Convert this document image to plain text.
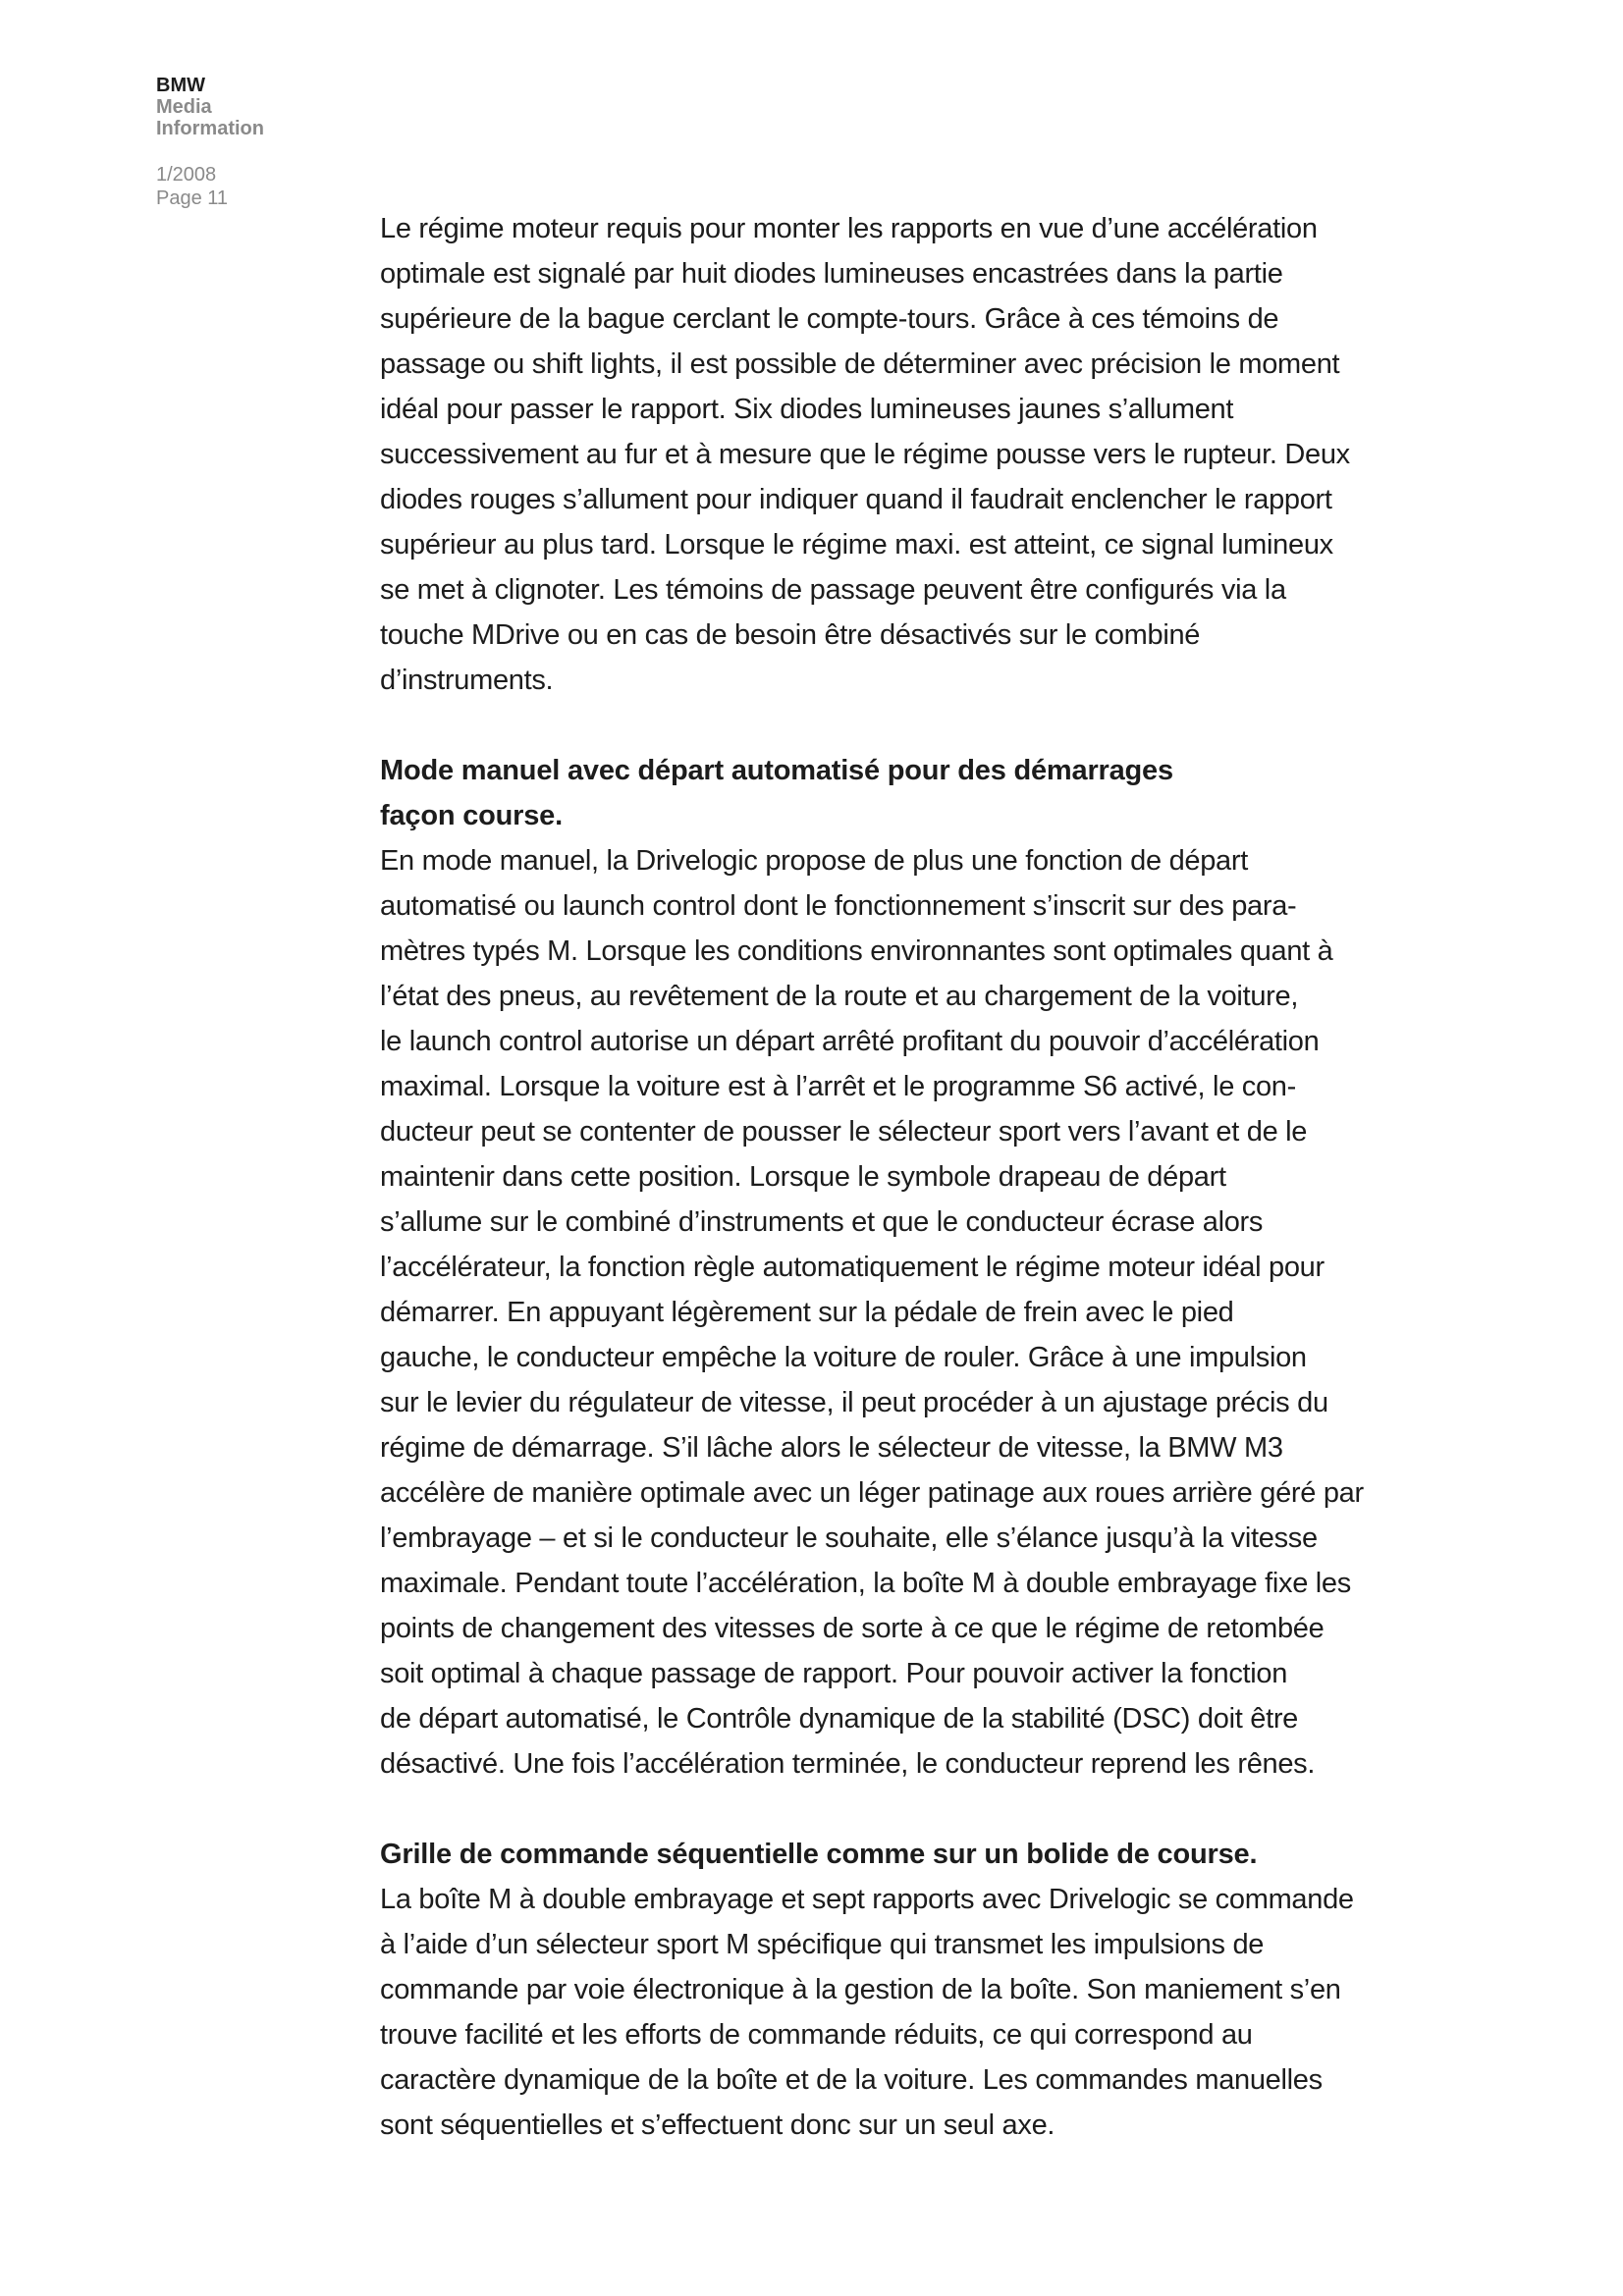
BMW
Media
Information
1/2008
Page 11

Le régime moteur requis pour monter les rapports en vue d’une accélération
optimale est signalé par huit diodes lumineuses encastrées dans la partie
supérieure de la bague cerclant le compte-tours. Grâce à ces témoins de
passage ou shift lights, il est possible de déterminer avec précision le moment
idéal pour passer le rapport. Six diodes lumineuses jaunes s’allument
successivement au fur et à mesure que le régime pousse vers le rupteur. Deux
diodes rouges s’allument pour indiquer quand il faudrait enclencher le rapport
supérieur au plus tard. Lorsque le régime maxi. est atteint, ce signal lumineux
se met à clignoter. Les témoins de passage peuvent être configurés via la
touche MDrive ou en cas de besoin être désactivés sur le combiné
d’instruments.

Mode manuel avec départ automatisé pour des démarrages
façon course.

En mode manuel, la Drivelogic propose de plus une fonction de départ
automatisé ou launch control dont le fonctionnement s’inscrit sur des para-
mètres typés M. Lorsque les conditions environnantes sont optimales quant à
l’état des pneus, au revêtement de la route et au chargement de la voiture,
le launch control autorise un départ arrêté profitant du pouvoir d’accélération
maximal. Lorsque la voiture est à l’arrêt et le programme S6 activé, le con-
ducteur peut se contenter de pousser le sélecteur sport vers l’avant et de le
maintenir dans cette position. Lorsque le symbole drapeau de départ
s’allume sur le combiné d’instruments et que le conducteur écrase alors
l’accélérateur, la fonction règle automatiquement le régime moteur idéal pour
démarrer. En appuyant légèrement sur la pédale de frein avec le pied
gauche, le conducteur empêche la voiture de rouler. Grâce à une impulsion
sur le levier du régulateur de vitesse, il peut procéder à un ajustage précis du
régime de démarrage. S’il lâche alors le sélecteur de vitesse, la BMW M3
accélère de manière optimale avec un léger patinage aux roues arrière géré par
l’embrayage – et si le conducteur le souhaite, elle s’élance jusqu’à la vitesse
maximale. Pendant toute l’accélération, la boîte M à double embrayage fixe les
points de changement des vitesses de sorte à ce que le régime de retombée
soit optimal à chaque passage de rapport. Pour pouvoir activer la fonction
de départ automatisé, le Contrôle dynamique de la stabilité (DSC) doit être
désactivé. Une fois l’accélération terminée, le conducteur reprend les rênes.

Grille de commande séquentielle comme sur un bolide de course.

La boîte M à double embrayage et sept rapports avec Drivelogic se commande
à l’aide d’un sélecteur sport M spécifique qui transmet les impulsions de
commande par voie électronique à la gestion de la boîte. Son maniement s’en
trouve facilité et les efforts de commande réduits, ce qui correspond au
caractère dynamique de la boîte et de la voiture. Les commandes manuelles
sont séquentielles et s’effectuent donc sur un seul axe.
